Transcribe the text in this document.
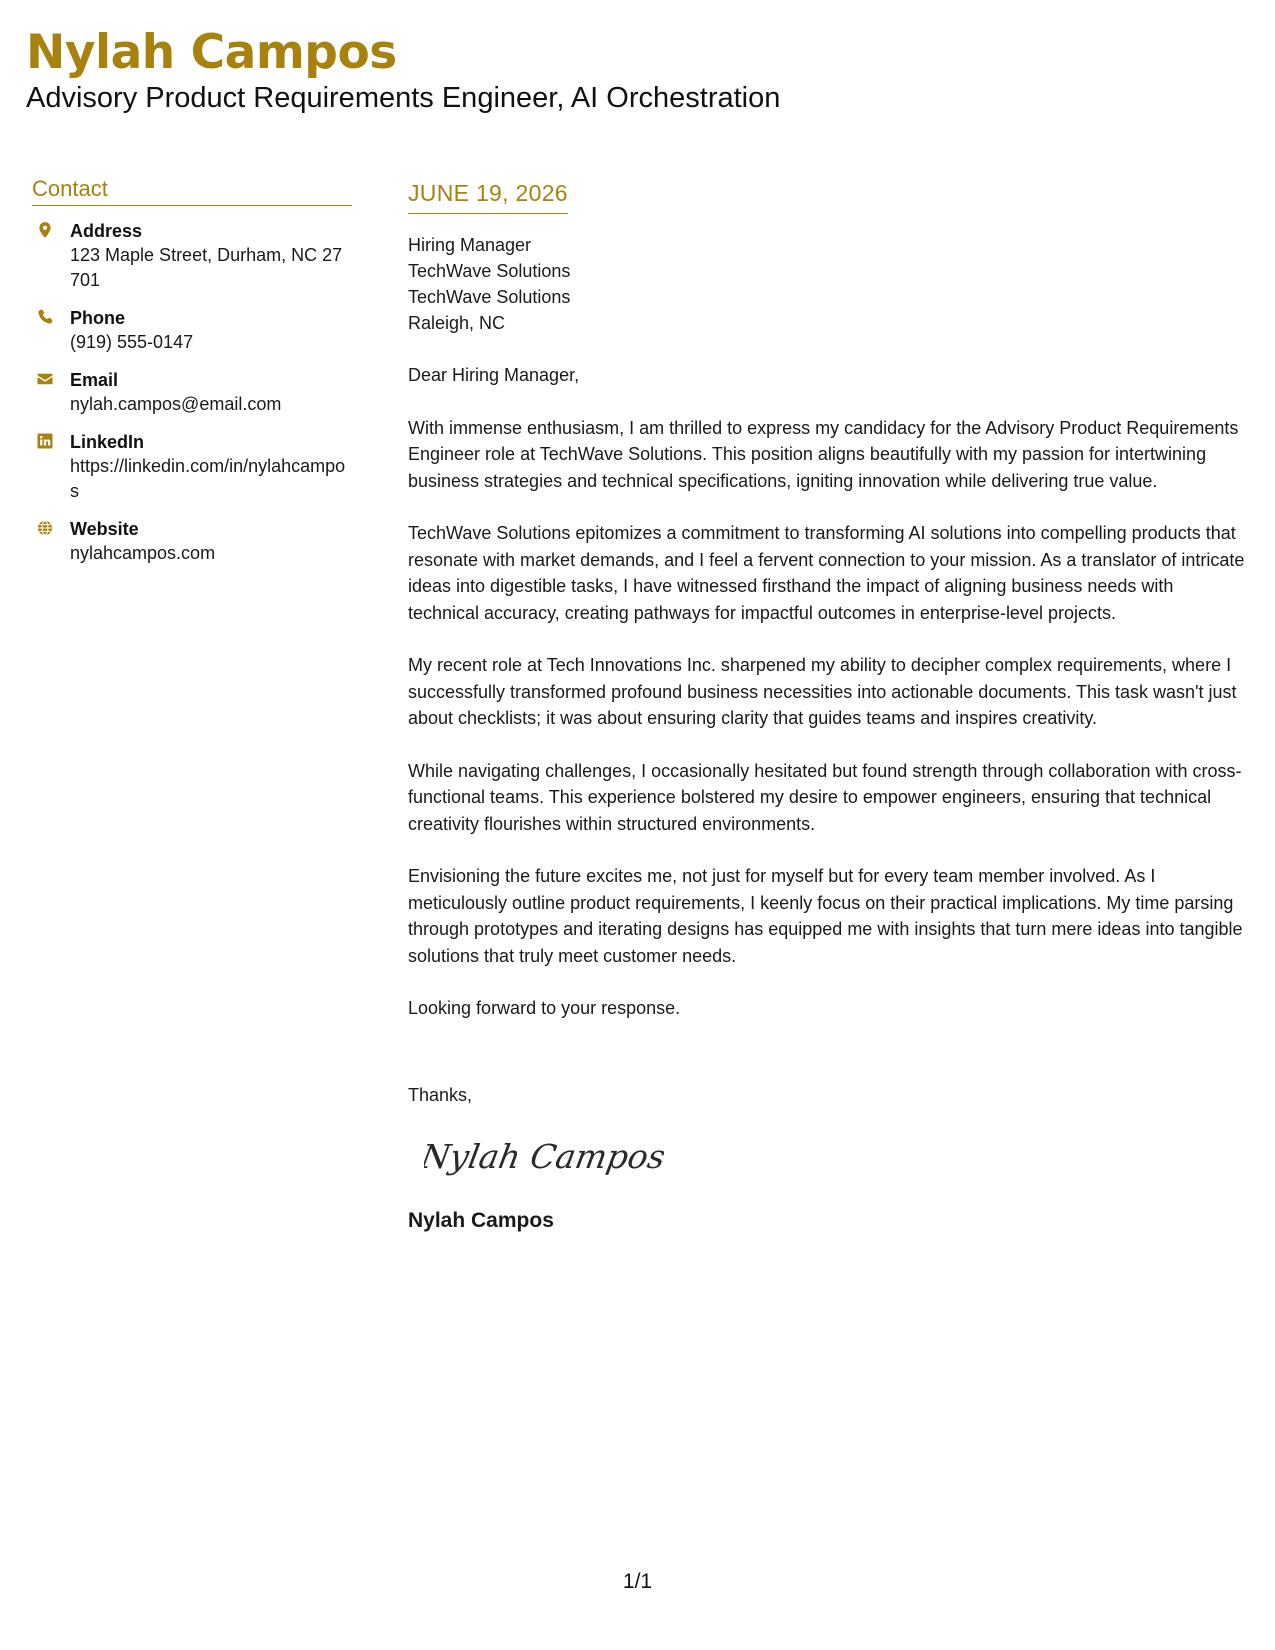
Nylah Campos
Advisory Product Requirements Engineer, AI Orchestration
Contact
Address
123 Maple Street, Durham, NC 27701
Phone
(919) 555-0147
Email
nylah.campos@email.com
LinkedIn
https://linkedin.com/in/nylahcampos
Website
nylahcampos.com
JUNE 19, 2026
Hiring Manager
TechWave Solutions
TechWave Solutions
Raleigh, NC

Dear Hiring Manager,

With immense enthusiasm, I am thrilled to express my candidacy for the Advisory Product Requirements Engineer role at TechWave Solutions. This position aligns beautifully with my passion for intertwining business strategies and technical specifications, igniting innovation while delivering true value.

TechWave Solutions epitomizes a commitment to transforming AI solutions into compelling products that resonate with market demands, and I feel a fervent connection to your mission. As a translator of intricate ideas into digestible tasks, I have witnessed firsthand the impact of aligning business needs with technical accuracy, creating pathways for impactful outcomes in enterprise-level projects.

My recent role at Tech Innovations Inc. sharpened my ability to decipher complex requirements, where I successfully transformed profound business necessities into actionable documents. This task wasn't just about checklists; it was about ensuring clarity that guides teams and inspires creativity.

While navigating challenges, I occasionally hesitated but found strength through collaboration with cross-functional teams. This experience bolstered my desire to empower engineers, ensuring that technical creativity flourishes within structured environments.

Envisioning the future excites me, not just for myself but for every team member involved. As I meticulously outline product requirements, I keenly focus on their practical implications. My time parsing through prototypes and iterating designs has equipped me with insights that turn mere ideas into tangible solutions that truly meet customer needs.

Looking forward to your response.

Thanks,
Nylah Campos
Nylah Campos
1/1
